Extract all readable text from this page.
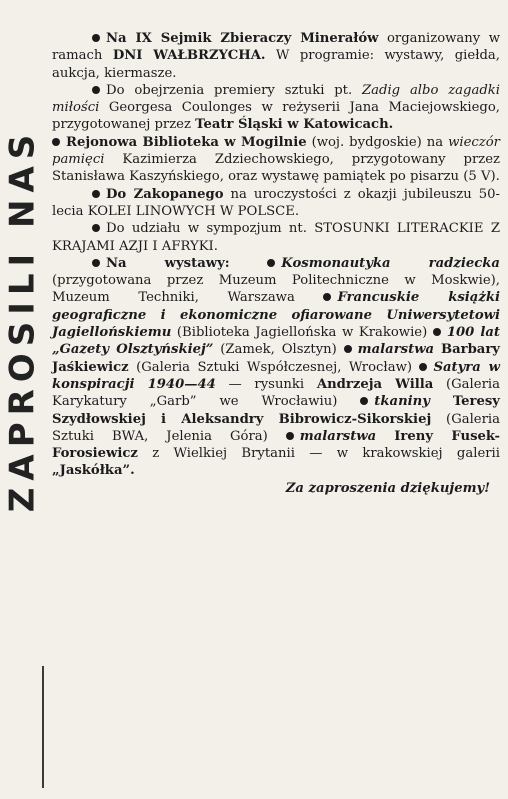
ZAPROSILI NAS

Na IX Sejmik Zbieraczy Minerałów organizowany w ramach DNI WAŁBRZYCHA. W programie: wystawy, giełda, aukcja, kiermasze.

Do obejrzenia premiery sztuki pt. Zadig albo zagadki miłości Georgesa Coulonges w reżyserii Jana Maciejowskiego, przygotowanej przez Teatr Śląski w Katowicach.

Rejonowa Biblioteka w Mogilnie (woj. bydgoskie) na wieczór pamięci Kazimierza Zdziechowskiego, przygotowany przez Stanisława Kaszyńskiego, oraz wystawę pamiątek po pisarzu (5 V).

Do Zakopanego na uroczystości z okazji jubileuszu 50-lecia KOLEI LINOWYCH W POLSCE.

Do udziału w sympozjum nt. STOSUNKI LITERACKIE Z KRAJAMI AZJI I AFRYKI.

Na wystawy:	Kosmonautyka radziecka (przygotowana przez Muzeum Politechniczne w Moskwie), Muzeum Techniki, Warszawa	Francuskie książki geograficzne i ekonomiczne ofiarowane Uniwersytetowi Jagiellońskiemu (Biblioteka Jagiellońska w Krakowie) 100 lat „Gazety Olsztyńskiej” (Zamek, Olsztyn) malarstwa Barbary Jaśkiewicz (Galeria Sztuki Współczesnej, Wrocław) Satyra w konspiracji 1940—44 — rysunki Andrzeja Willa (Galeria Karykatury „Garb” we Wrocławiu)	tkaniny Teresy Szydłowskiej i Aleksandry Bibrowicz-Sikorskiej (Galeria Sztuki BWA, Jelenia Góra) malarstwa Ireny Fusek-Forosiewicz z Wielkiej Brytanii — w krakowskiej galerii „Jaskółka”.

Za zaproszenia dziękujemy!
